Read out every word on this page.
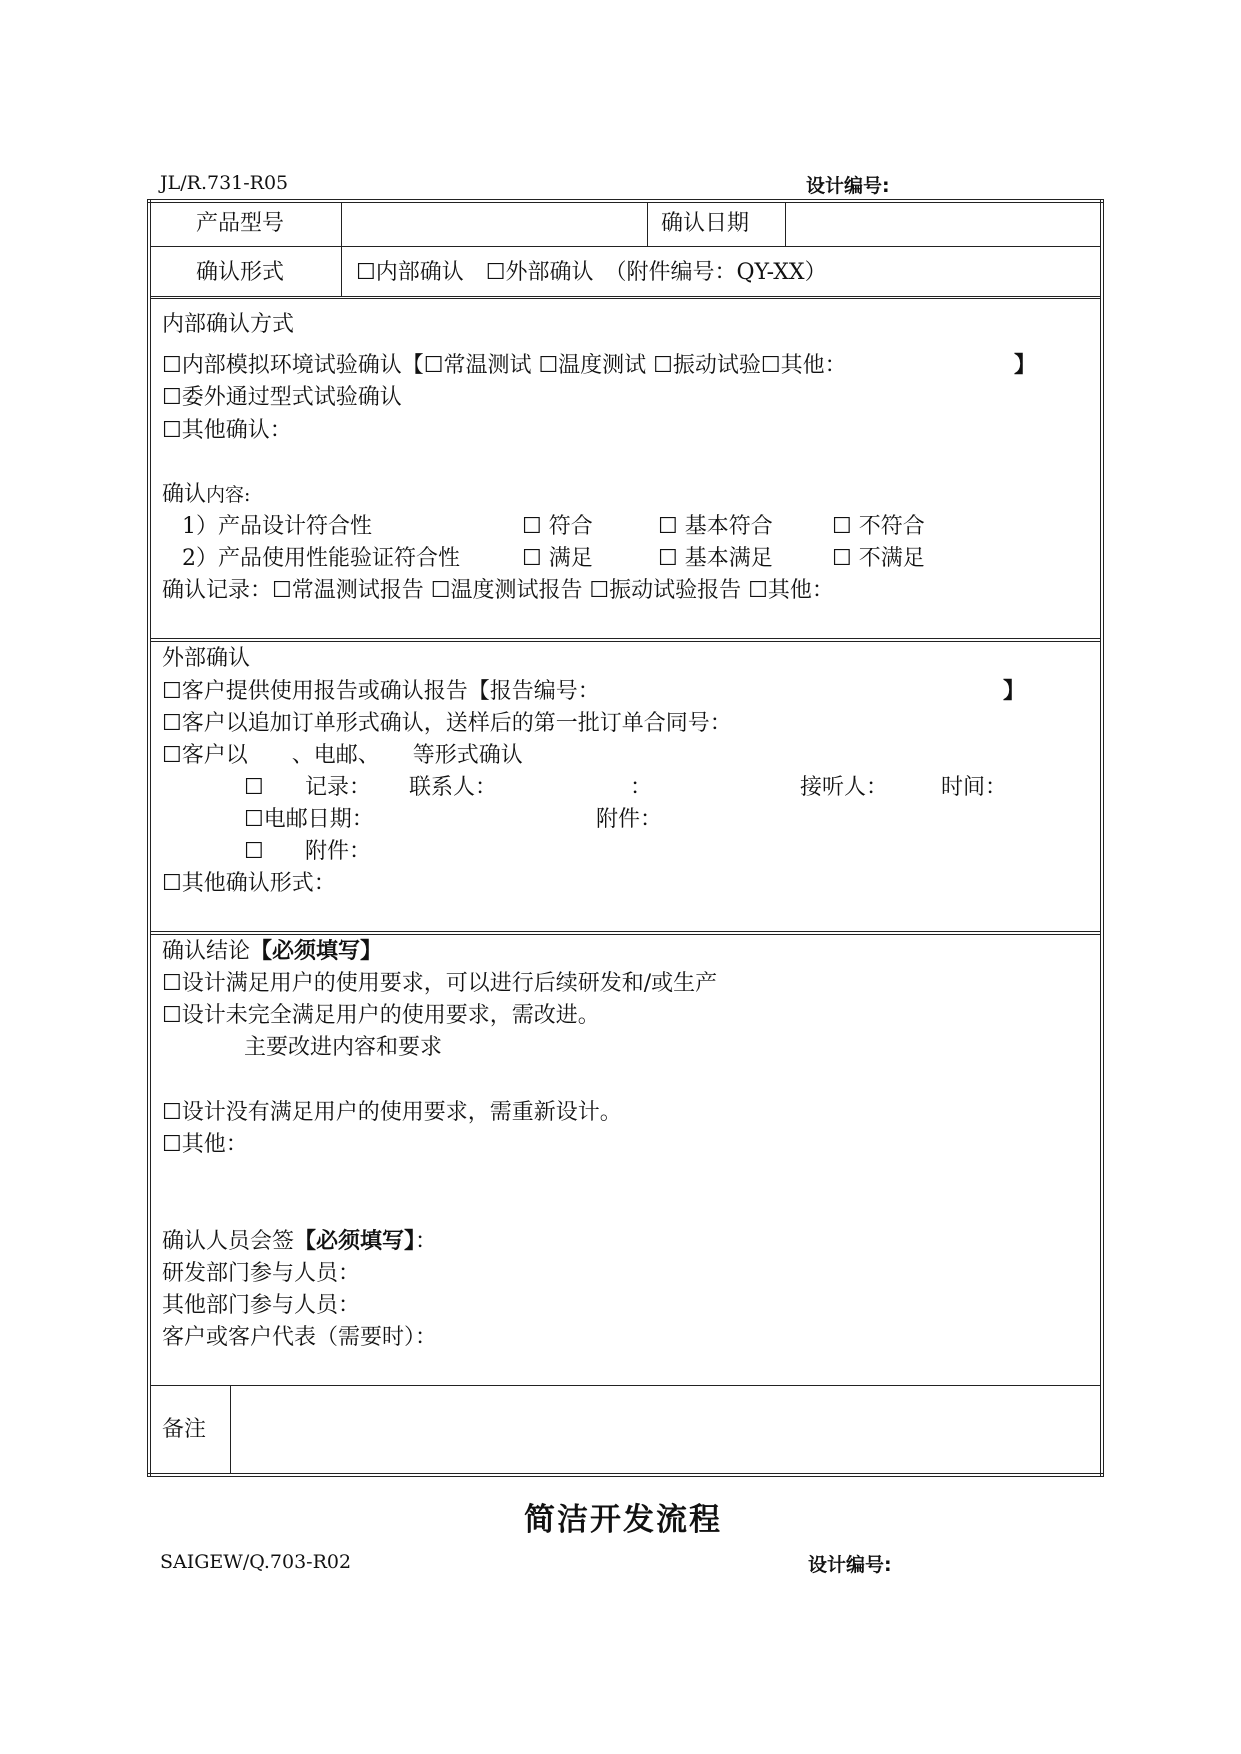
JL/R.731-R05	设计编号:
产品型号	确认日期
确认形式	☐内部确认　☐外部确认　（附件编号：QY-XX）
内部确认方式
☐内部模拟环境试验确认【☐常温测试 ☐温度测试 ☐振动试验☐其他：	】
☐委外通过型式试验确认
☐其他确认：
确认内容:
1）产品设计符合性	☐ 符合	☐ 基本符合	☐ 不符合
2）产品使用性能验证符合性	☐ 满足	☐ 基本满足	☐ 不满足
确认记录：☐常温测试报告 ☐温度测试报告 ☐振动试验报告 ☐其他：
外部确认
☐客户提供使用报告或确认报告【报告编号：	】
☐客户以追加订单形式确认，送样后的第一批订单合同号：
☐客户以　　、电邮、　　等形式确认
☐ 记录： 联系人：	：	接听人： 时间：
☐电邮日期：	附件：
☐ 附件：
☐其他确认形式：
确认结论【必须填写】
☐设计满足用户的使用要求，可以进行后续研发和/或生产
☐设计未完全满足用户的使用要求，需改进。
主要改进内容和要求
☐设计没有满足用户的使用要求，需重新设计。
☐其他：
确认人员会签【必须填写】：
研发部门参与人员：
其他部门参与人员：
客户或客户代表（需要时）：
备注
简洁开发流程
SAIGEW/Q.703-R02	设计编号:
